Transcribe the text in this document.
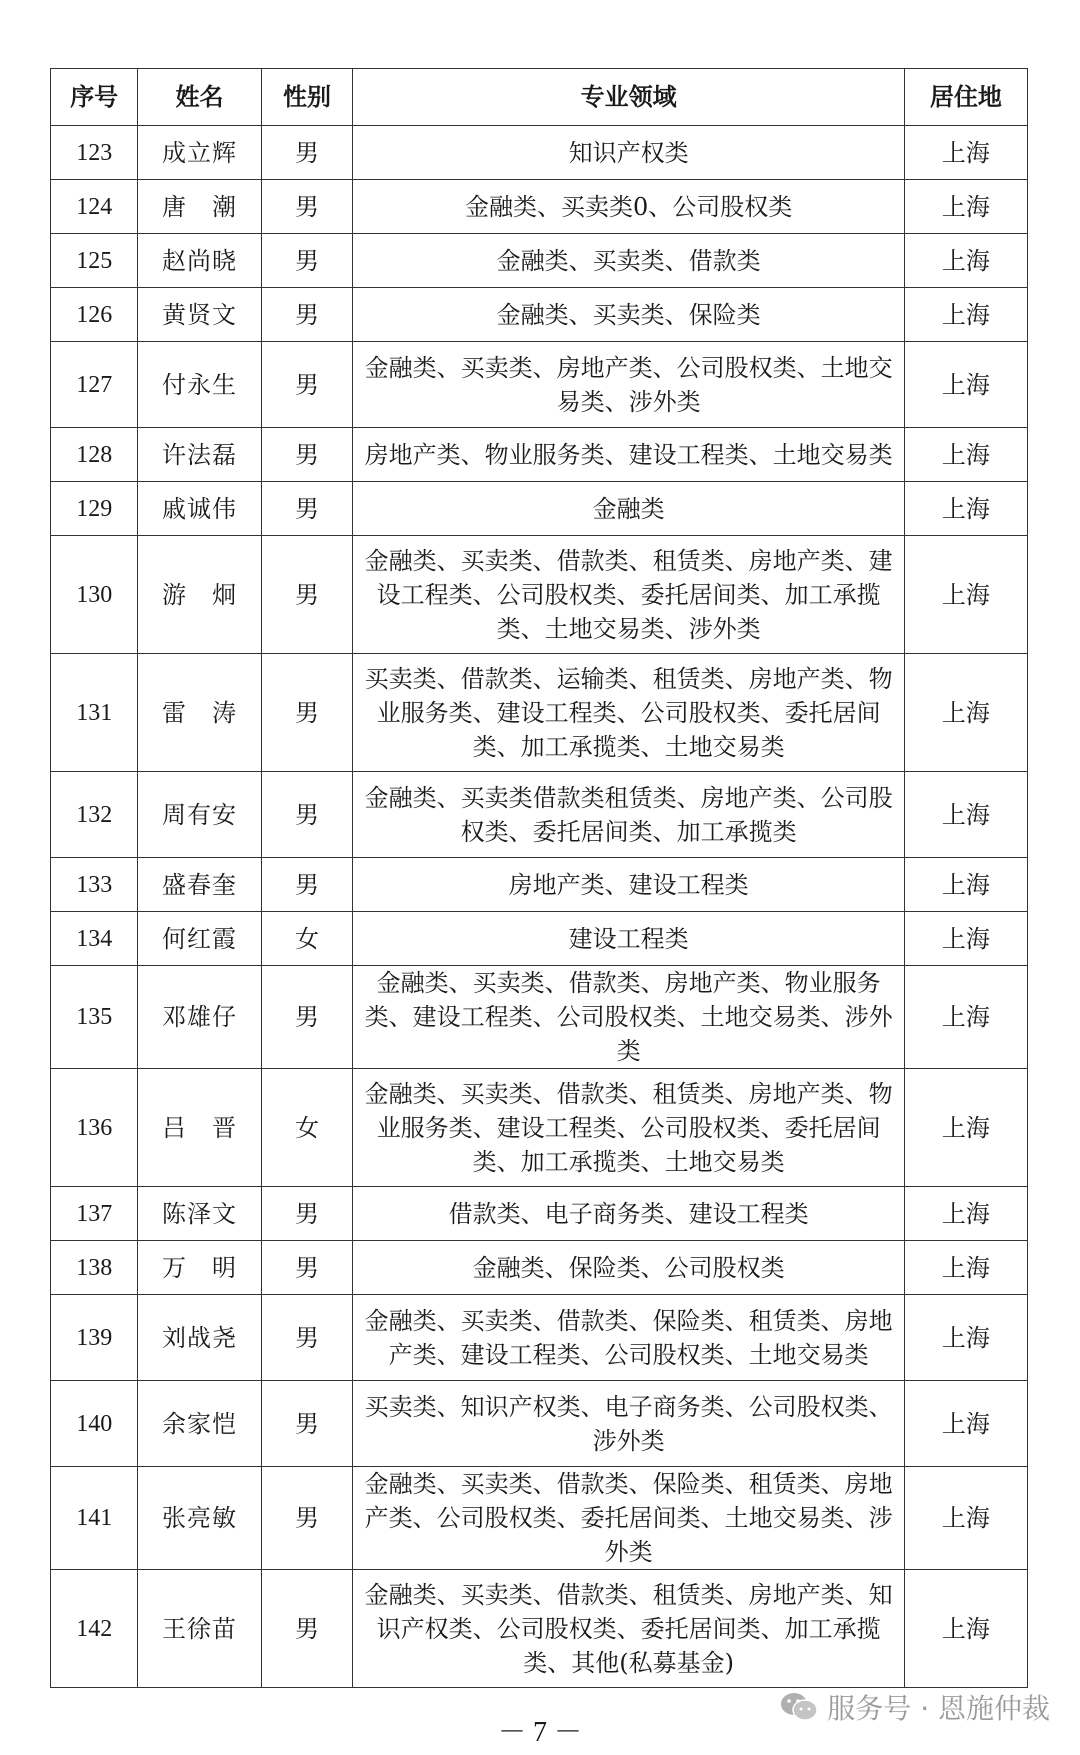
序号	姓名	性别	专业领域	居住地
123	成立辉	男	知识产权类	上海
124	唐　潮	男	金融类、买卖类0、公司股权类	上海
125	赵尚晓	男	金融类、买卖类、借款类	上海
126	黄贤文	男	金融类、买卖类、保险类	上海
127	付永生	男	金融类、买卖类、房地产类、公司股权类、土地交易类、涉外类	上海
128	许法磊	男	房地产类、物业服务类、建设工程类、土地交易类	上海
129	戚诚伟	男	金融类	上海
130	游　炯	男	金融类、买卖类、借款类、租赁类、房地产类、建设工程类、公司股权类、委托居间类、加工承揽类、土地交易类、涉外类	上海
131	雷　涛	男	买卖类、借款类、运输类、租赁类、房地产类、物业服务类、建设工程类、公司股权类、委托居间类、加工承揽类、土地交易类	上海
132	周有安	男	金融类、买卖类借款类租赁类、房地产类、公司股权类、委托居间类、加工承揽类	上海
133	盛春奎	男	房地产类、建设工程类	上海
134	何红霞	女	建设工程类	上海
135	邓雄仔	男	金融类、买卖类、借款类、房地产类、物业服务类、建设工程类、公司股权类、土地交易类、涉外类	上海
136	吕　晋	女	金融类、买卖类、借款类、租赁类、房地产类、物业服务类、建设工程类、公司股权类、委托居间类、加工承揽类、土地交易类	上海
137	陈泽文	男	借款类、电子商务类、建设工程类	上海
138	万　明	男	金融类、保险类、公司股权类	上海
139	刘战尧	男	金融类、买卖类、借款类、保险类、租赁类、房地产类、建设工程类、公司股权类、土地交易类	上海
140	余家恺	男	买卖类、知识产权类、电子商务类、公司股权类、涉外类	上海
141	张亮敏	男	金融类、买卖类、借款类、保险类、租赁类、房地产类、公司股权类、委托居间类、土地交易类、涉外类	上海
142	王徐苗	男	金融类、买卖类、借款类、租赁类、房地产类、知识产权类、公司股权类、委托居间类、加工承揽类、其他(私募基金)	上海
－ 7 －
服务号 · 恩施仲裁
